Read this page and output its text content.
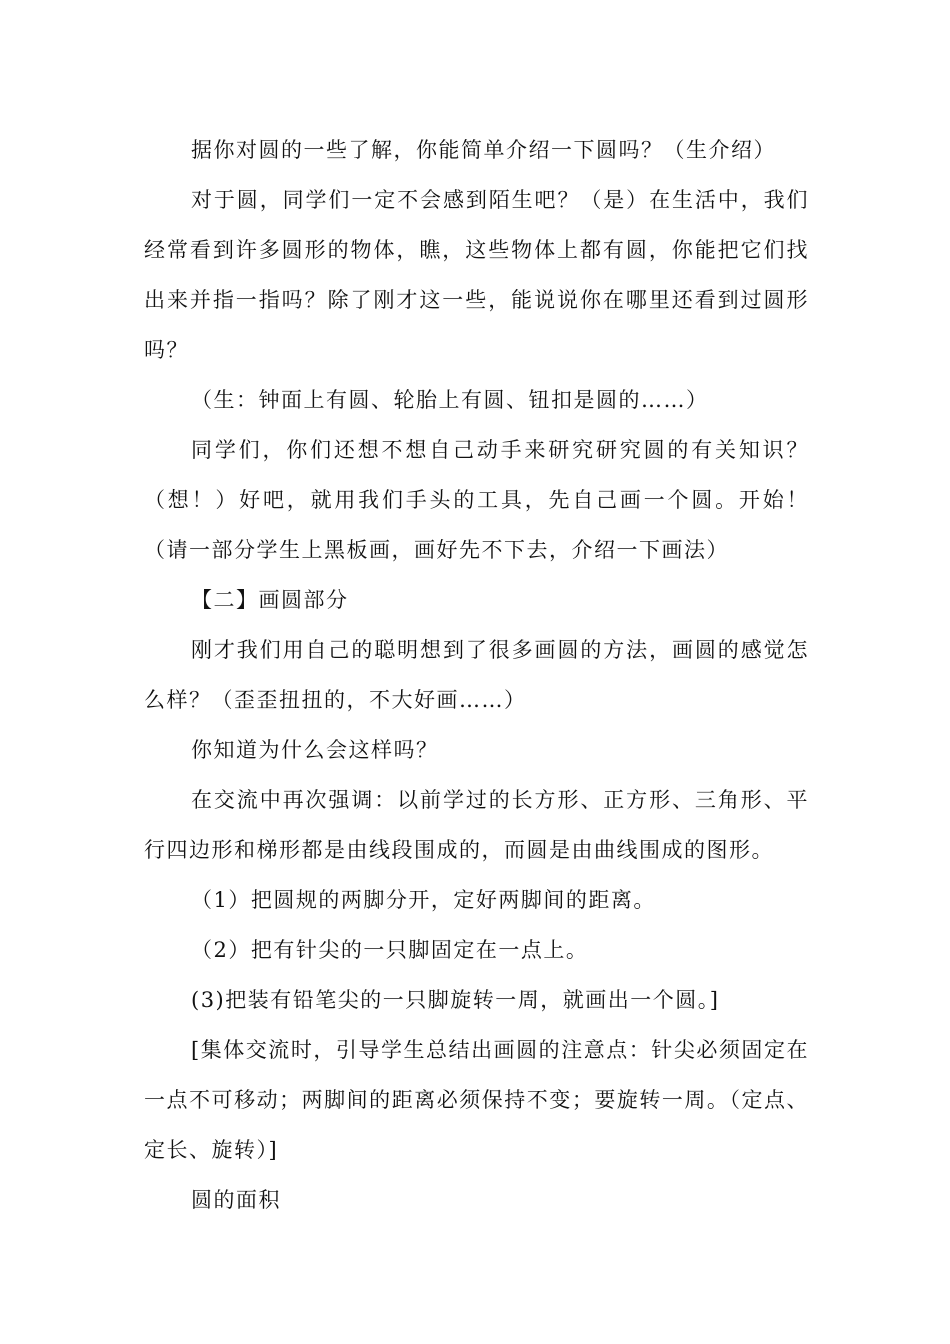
据你对圆的一些了解，你能简单介绍一下圆吗？（生介绍）

对于圆，同学们一定不会感到陌生吧？（是）在生活中，我们经常看到许多圆形的物体，瞧，这些物体上都有圆，你能把它们找出来并指一指吗？除了刚才这一些，能说说你在哪里还看到过圆形吗？

（生：钟面上有圆、轮胎上有圆、钮扣是圆的……）

同学们，你们还想不想自己动手来研究研究圆的有关知识？（想！）好吧，就用我们手头的工具，先自己画一个圆。开始！（请一部分学生上黑板画，画好先不下去，介绍一下画法）

【二】画圆部分

刚才我们用自己的聪明想到了很多画圆的方法，画圆的感觉怎么样？（歪歪扭扭的，不大好画……）

你知道为什么会这样吗？

在交流中再次强调：以前学过的长方形、正方形、三角形、平行四边形和梯形都是由线段围成的，而圆是由曲线围成的图形。

（1）把圆规的两脚分开，定好两脚间的距离。

（2）把有针尖的一只脚固定在一点上。

(3)把装有铅笔尖的一只脚旋转一周，就画出一个圆。]

[集体交流时，引导学生总结出画圆的注意点：针尖必须固定在一点不可移动；两脚间的距离必须保持不变；要旋转一周。（定点、定长、旋转）]

圆的面积
